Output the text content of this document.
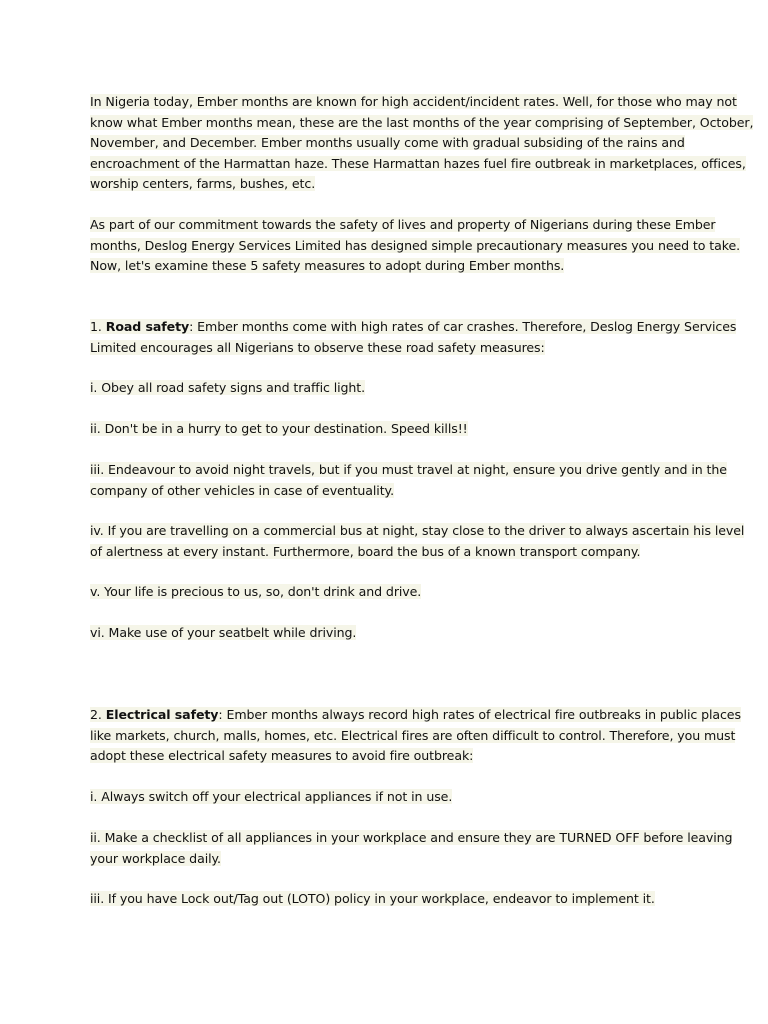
In Nigeria today, Ember months are known for high accident/incident rates. Well, for those who may not know what Ember months mean, these are the last months of the year comprising of September, October, November, and December. Ember months usually come with gradual subsiding of the rains and encroachment of the Harmattan haze. These Harmattan hazes fuel fire outbreak in marketplaces, offices, worship centers, farms, bushes, etc.
As part of our commitment towards the safety of lives and property of Nigerians during these Ember months, Deslog Energy Services Limited has designed simple precautionary measures you need to take. Now, let's examine these 5 safety measures to adopt during Ember months.
1. Road safety: Ember months come with high rates of car crashes. Therefore, Deslog Energy Services Limited encourages all Nigerians to observe these road safety measures:
i. Obey all road safety signs and traffic light.
ii. Don't be in a hurry to get to your destination. Speed kills!!
iii. Endeavour to avoid night travels, but if you must travel at night, ensure you drive gently and in the company of other vehicles in case of eventuality.
iv. If you are travelling on a commercial bus at night, stay close to the driver to always ascertain his level of alertness at every instant. Furthermore, board the bus of a known transport company.
v. Your life is precious to us, so, don't drink and drive.
vi. Make use of your seatbelt while driving.
2. Electrical safety: Ember months always record high rates of electrical fire outbreaks in public places like markets, church, malls, homes, etc. Electrical fires are often difficult to control. Therefore, you must adopt these electrical safety measures to avoid fire outbreak:
i. Always switch off your electrical appliances if not in use.
ii. Make a checklist of all appliances in your workplace and ensure they are TURNED OFF before leaving your workplace daily.
iii. If you have Lock out/Tag out (LOTO) policy in your workplace, endeavor to implement it.
